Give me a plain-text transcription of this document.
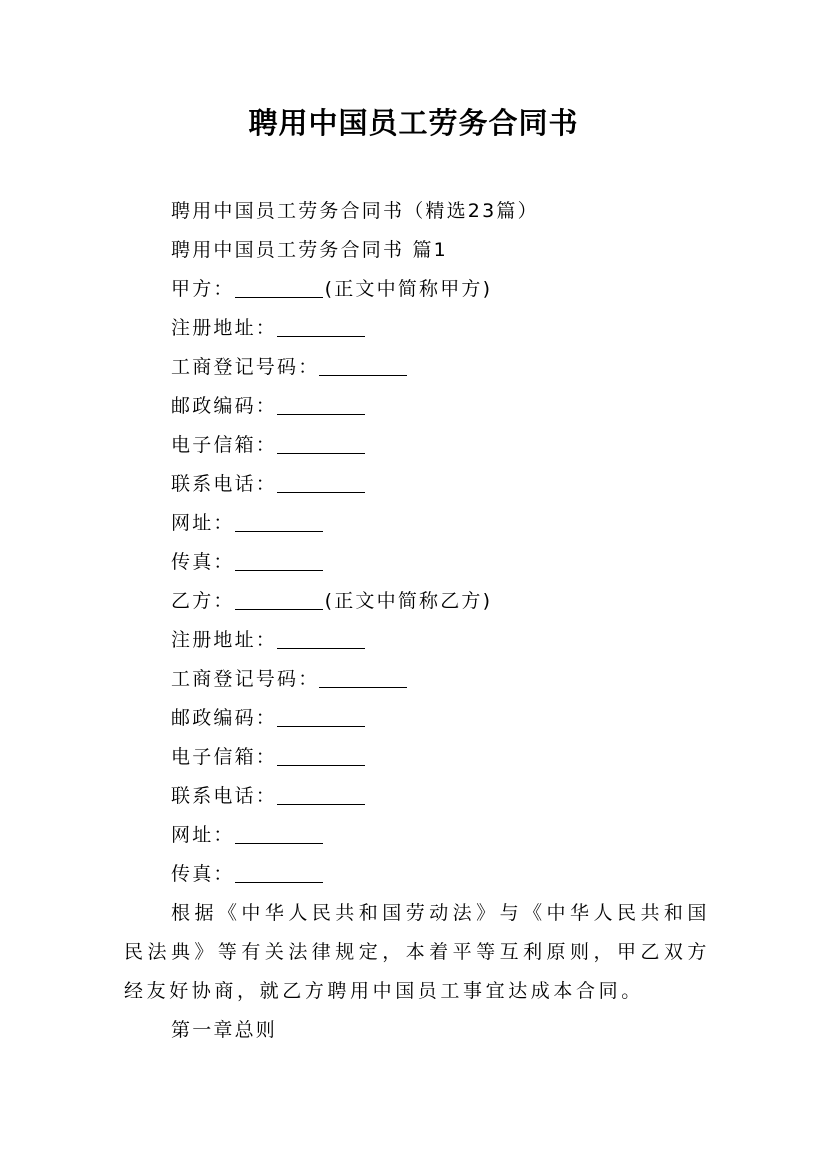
聘用中国员工劳务合同书
聘用中国员工劳务合同书（精选23篇）
聘用中国员工劳务合同书 篇1
甲方：	(正文中简称甲方)
注册地址：
工商登记号码：
邮政编码：
电子信箱：
联系电话：
网址：
传真：
乙方：	(正文中简称乙方)
注册地址：
工商登记号码：
邮政编码：
电子信箱：
联系电话：
网址：
传真：
根据《中华人民共和国劳动法》与《中华人民共和国民法典》等有关法律规定，本着平等互利原则，甲乙双方经友好协商，就乙方聘用中国员工事宜达成本合同。
第一章总则
